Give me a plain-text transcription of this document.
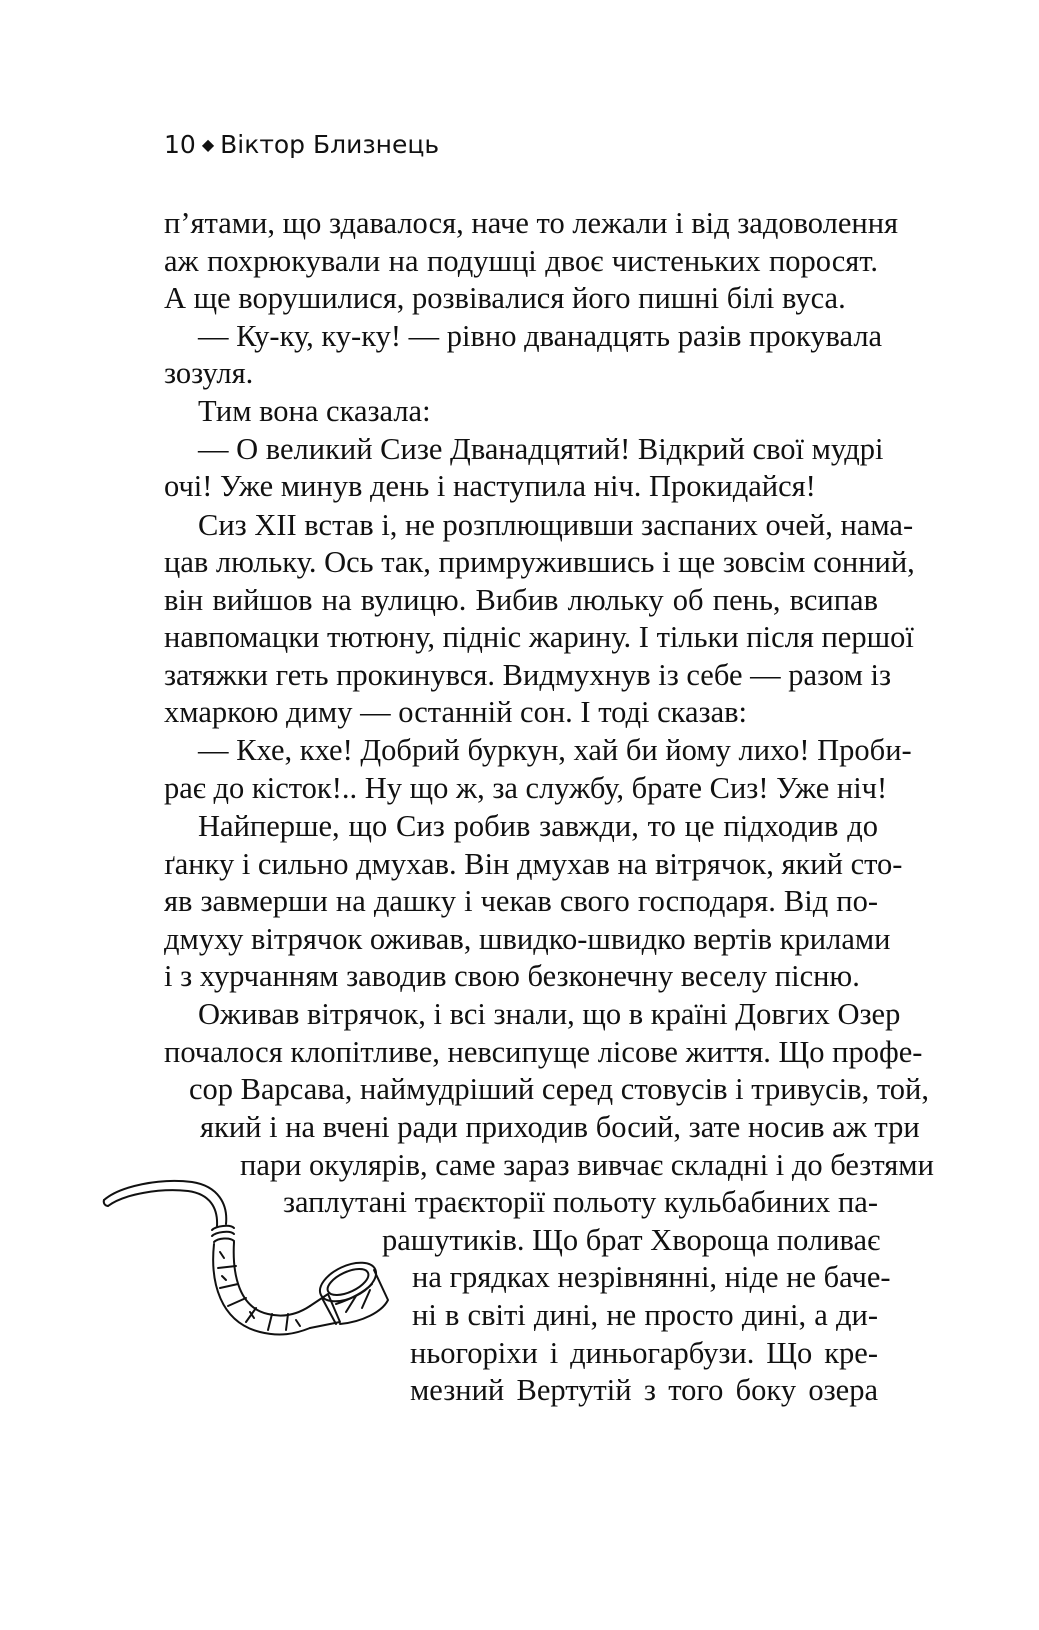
10 ◆ Віктор Близнець
п’ятами, що здавалося, наче то лежали і від задоволення
аж похрюкували на подушці двоє чистеньких поросят.
А ще ворушилися, розвівалися його пишні білі вуса.
— Ку-ку, ку-ку! — рівно дванадцять разів прокувала
зозуля.
Тим вона сказала:
— О великий Сизе Дванадцятий! Відкрий свої мудрі
очі! Уже минув день і наступила ніч. Прокидайся!
Сиз XII встав і, не розплющивши заспаних очей, нама-
цав люльку. Ось так, примружившись і ще зовсім сонний,
він вийшов на вулицю. Вибив люльку об пень, всипав
навпомацки тютюну, підніс жарину. І тільки після першої
затяжки геть прокинувся. Видмухнув із себе — разом із
хмаркою диму — останній сон. І тоді сказав:
— Кхе, кхе! Добрий буркун, хай би йому лихо! Проби-
рає до кісток!.. Ну що ж, за службу, брате Сиз! Уже ніч!
Найперше, що Сиз робив завжди, то це підходив до
ґанку і сильно дмухав. Він дмухав на вітрячок, який сто-
яв завмерши на дашку і чекав свого господаря. Від по-
дмуху вітрячок оживав, швидко-швидко вертів крилами
і з хурчанням заводив свою безконечну веселу пісню.
Оживав вітрячок, і всі знали, що в країні Довгих Озер
почалося клопітливе, невсипуще лісове життя. Що профе-
сор Варсава, наймудріший серед стовусів і тривусів, той,
який і на вчені ради приходив босий, зате носив аж три
пари окулярів, саме зараз вивчає складні і до безтями
заплутані траєкторії польоту кульбабиних па-
рашутиків. Що брат Хвороща поливає
на грядках незрівнянні, ніде не баче-
ні в світі дині, не просто дині, а ди-
ньогоріхи і диньогарбузи. Що кре-
мезний Вертутій з того боку озера
